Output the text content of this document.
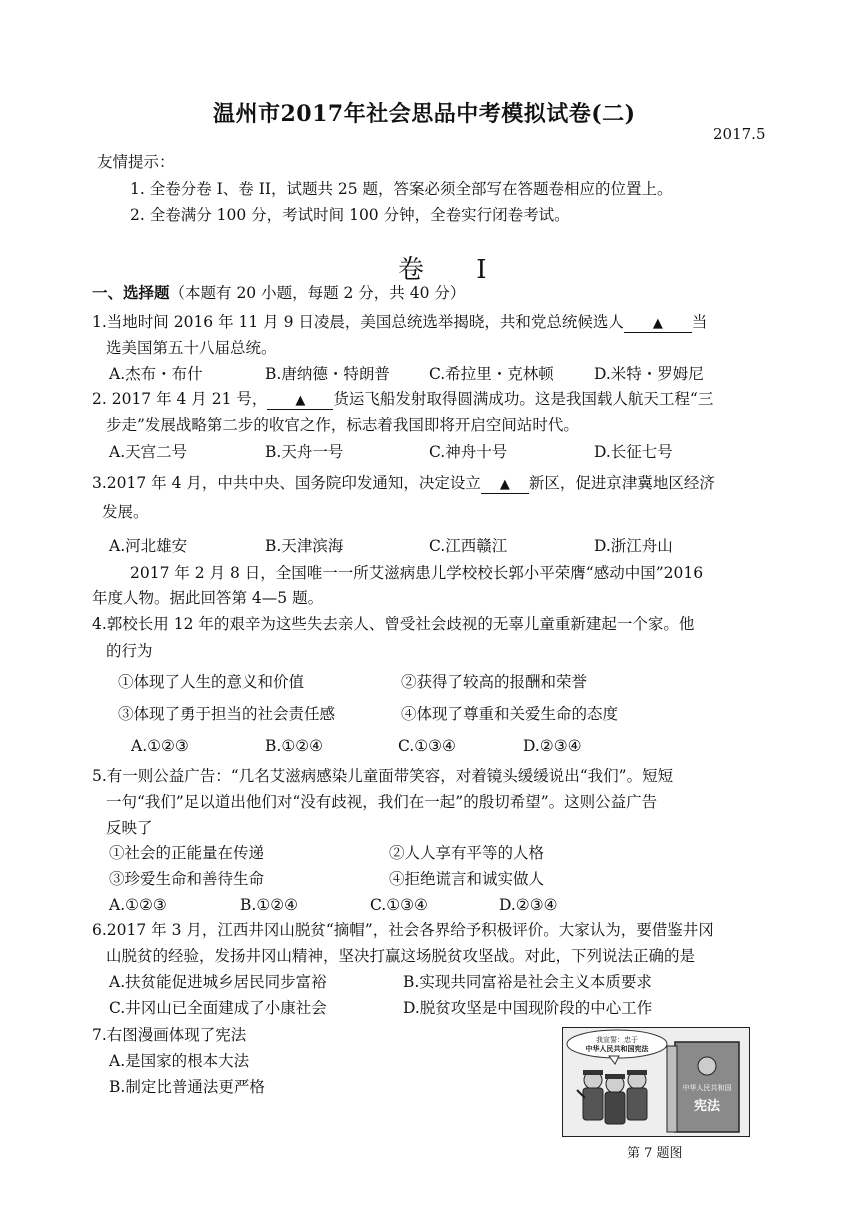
温州市2017年社会思品中考模拟试卷(二)
2017.5
友情提示：
1. 全卷分卷 I、卷 II，试题共 25 题，答案必须全部写在答题卷相应的位置上。
2. 全卷满分 100 分，考试时间 100 分钟，全卷实行闭卷考试。
卷 I
一、选择题（本题有 20 小题，每题 2 分，共 40 分）
1.当地时间 2016 年 11 月 9 日凌晨，美国总统选举揭晓，共和党总统候选人 ▲ 当
选美国第五十八届总统。
A.杰布・布什	B.唐纳德・特朗普	C.希拉里・克林顿	D.米特・罗姆尼
2. 2017 年 4 月 21 号， ▲ 货运飞船发射取得圆满成功。这是我国载人航天工程“三
步走”发展战略第二步的收官之作，标志着我国即将开启空间站时代。
A.天宫二号	B.天舟一号	C.神舟十号	D.长征七号
3.2017 年 4 月，中共中央、国务院印发通知，决定设立 ▲ 新区，促进京津冀地区经济
发展。
A.河北雄安	B.天津滨海	C.江西赣江	D.浙江舟山
2017 年 2 月 8 日，全国唯一一所艾滋病患儿学校校长郭小平荣膺“感动中国”2016
年度人物。据此回答第 4—5 题。
4.郭校长用 12 年的艰辛为这些失去亲人、曾受社会歧视的无辜儿童重新建起一个家。他
的行为
①体现了人生的意义和价值	②获得了较高的报酬和荣誉
③体现了勇于担当的社会责任感	④体现了尊重和关爱生命的态度
A.①②③	B.①②④	C.①③④	D.②③④
5.有一则公益广告：“几名艾滋病感染儿童面带笑容，对着镜头缓缓说出“我们”。短短
一句“我们”足以道出他们对“没有歧视，我们在一起”的殷切希望”。这则公益广告
反映了
①社会的正能量在传递	②人人享有平等的人格
③珍爱生命和善待生命	④拒绝谎言和诚实做人
A.①②③	B.①②④	C.①③④	D.②③④
6.2017 年 3 月，江西井冈山脱贫“摘帽”，社会各界给予积极评价。大家认为，要借鉴井冈
山脱贫的经验，发扬井冈山精神，坚决打赢这场脱贫攻坚战。对此，下列说法正确的是
A.扶贫能促进城乡居民同步富裕	B.实现共同富裕是社会主义本质要求
C.井冈山已全面建成了小康社会	D.脱贫攻坚是中国现阶段的中心工作
7.右图漫画体现了宪法
A.是国家的根本大法
B.制定比普通法更严格
我宣誓：忠于
中华人民共和国宪法
中华人民共和国
宪法
第 7 题图
